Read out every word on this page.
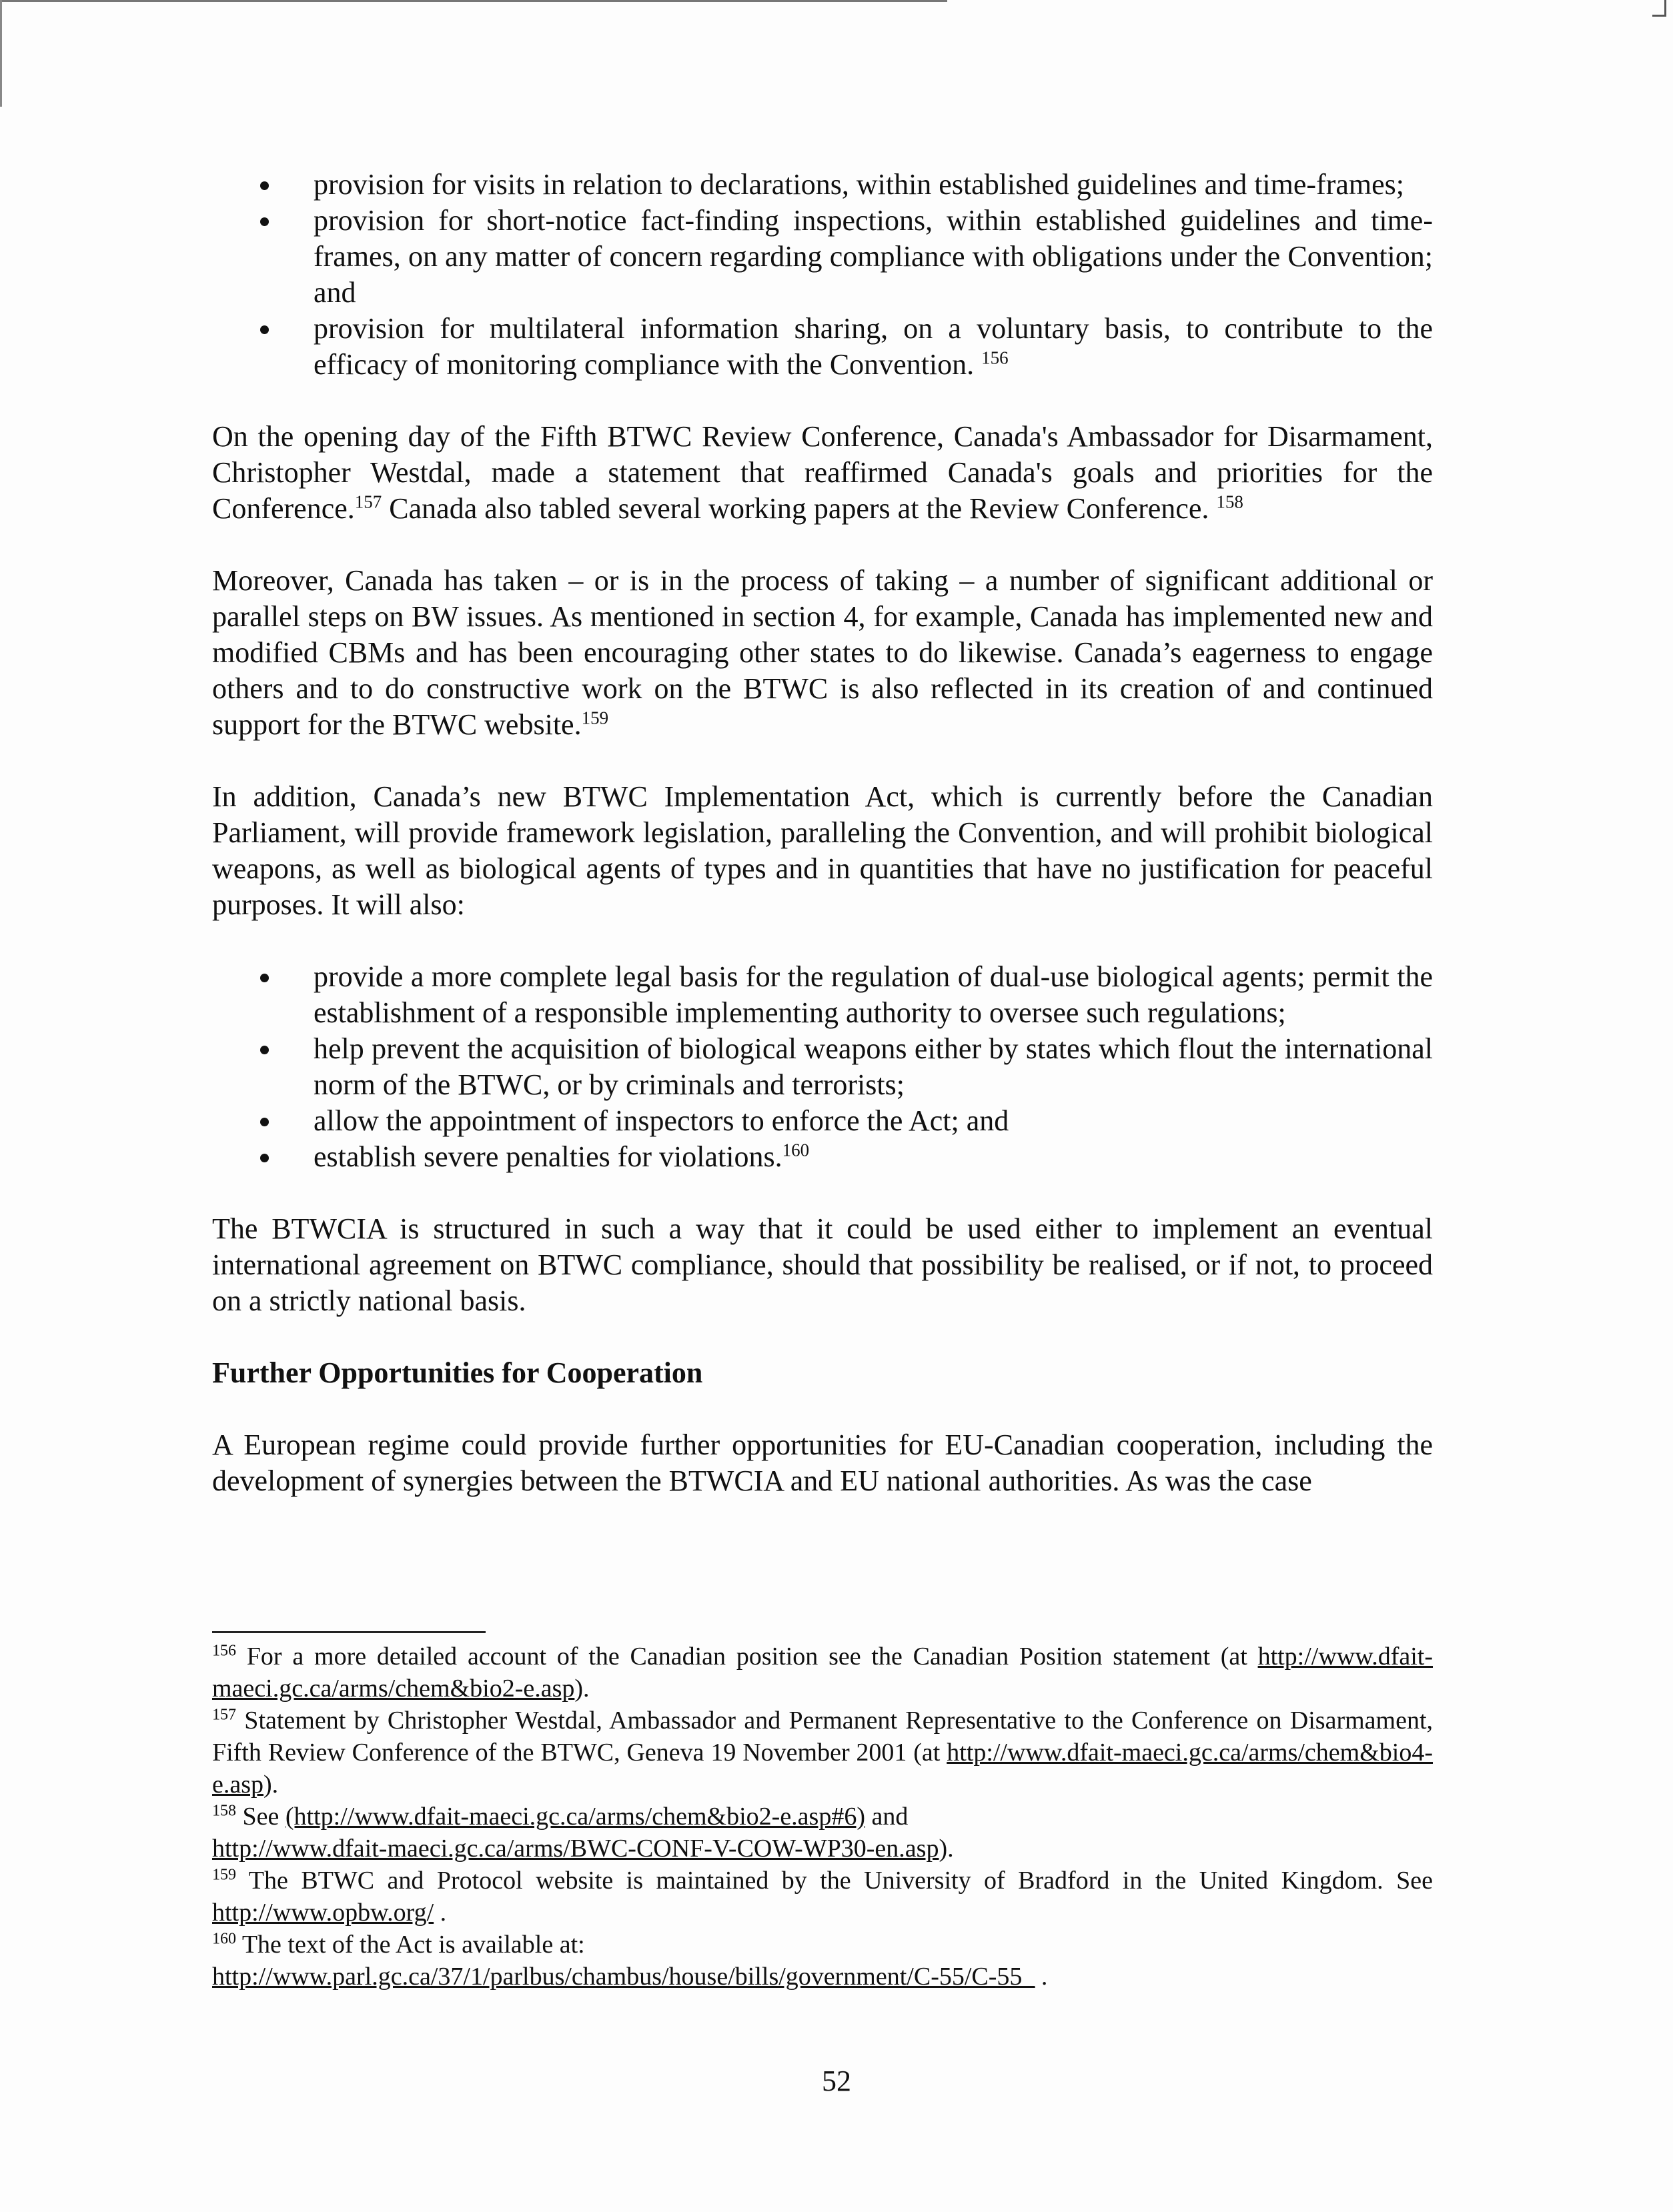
provision for visits in relation to declarations, within established guidelines and time-frames;
provision for short-notice fact-finding inspections, within established guidelines and time-frames, on any matter of concern regarding compliance with obligations under the Convention; and
provision for multilateral information sharing, on a voluntary basis, to contribute to the efficacy of monitoring compliance with the Convention. $^{156}$

On the opening day of the Fifth BTWC Review Conference, Canada's Ambassador for Disarmament, Christopher Westdal, made a statement that reaffirmed Canada's goals and priorities for the Conference.$^{157}$ Canada also tabled several working papers at the Review Conference. $^{158}$

Moreover, Canada has taken – or is in the process of taking – a number of significant additional or parallel steps on BW issues. As mentioned in section 4, for example, Canada has implemented new and modified CBMs and has been encouraging other states to do likewise. Canada’s eagerness to engage others and to do constructive work on the BTWC is also reflected in its creation of and continued support for the BTWC website.$^{159}$

In addition, Canada’s new BTWC Implementation Act, which is currently before the Canadian Parliament, will provide framework legislation, paralleling the Convention, and will prohibit biological weapons, as well as biological agents of types and in quantities that have no justification for peaceful purposes. It will also:

provide a more complete legal basis for the regulation of dual-use biological agents; permit the establishment of a responsible implementing authority to oversee such regulations;
help prevent the acquisition of biological weapons either by states which flout the international norm of the BTWC, or by criminals and terrorists;
allow the appointment of inspectors to enforce the Act; and
establish severe penalties for violations.$^{160}$

The BTWCIA is structured in such a way that it could be used either to implement an eventual international agreement on BTWC compliance, should that possibility be realised, or if not, to proceed on a strictly national basis.

Further Opportunities for Cooperation

A European regime could provide further opportunities for EU-Canadian cooperation, including the development of synergies between the BTWCIA and EU national authorities. As was the case

$^{156}$ For a more detailed account of the Canadian position see the Canadian Position statement (at http://www.dfait-maeci.gc.ca/arms/chem&bio2-e.asp).

$^{157}$ Statement by Christopher Westdal, Ambassador and Permanent Representative to the Conference on Disarmament, Fifth Review Conference of the BTWC, Geneva 19 November 2001 (at http://www.dfait-maeci.gc.ca/arms/chem&bio4-e.asp).

$^{158}$ See (http://www.dfait-maeci.gc.ca/arms/chem&bio2-e.asp#6) and
http://www.dfait-maeci.gc.ca/arms/BWC-CONF-V-COW-WP30-en.asp).

$^{159}$ The BTWC and Protocol website is maintained by the University of Bradford in the United Kingdom. See http://www.opbw.org/ .

$^{160}$ The text of the Act is available at:
http://www.parl.gc.ca/37/1/parlbus/chambus/house/bills/government/C-55/C-55_ .

52
